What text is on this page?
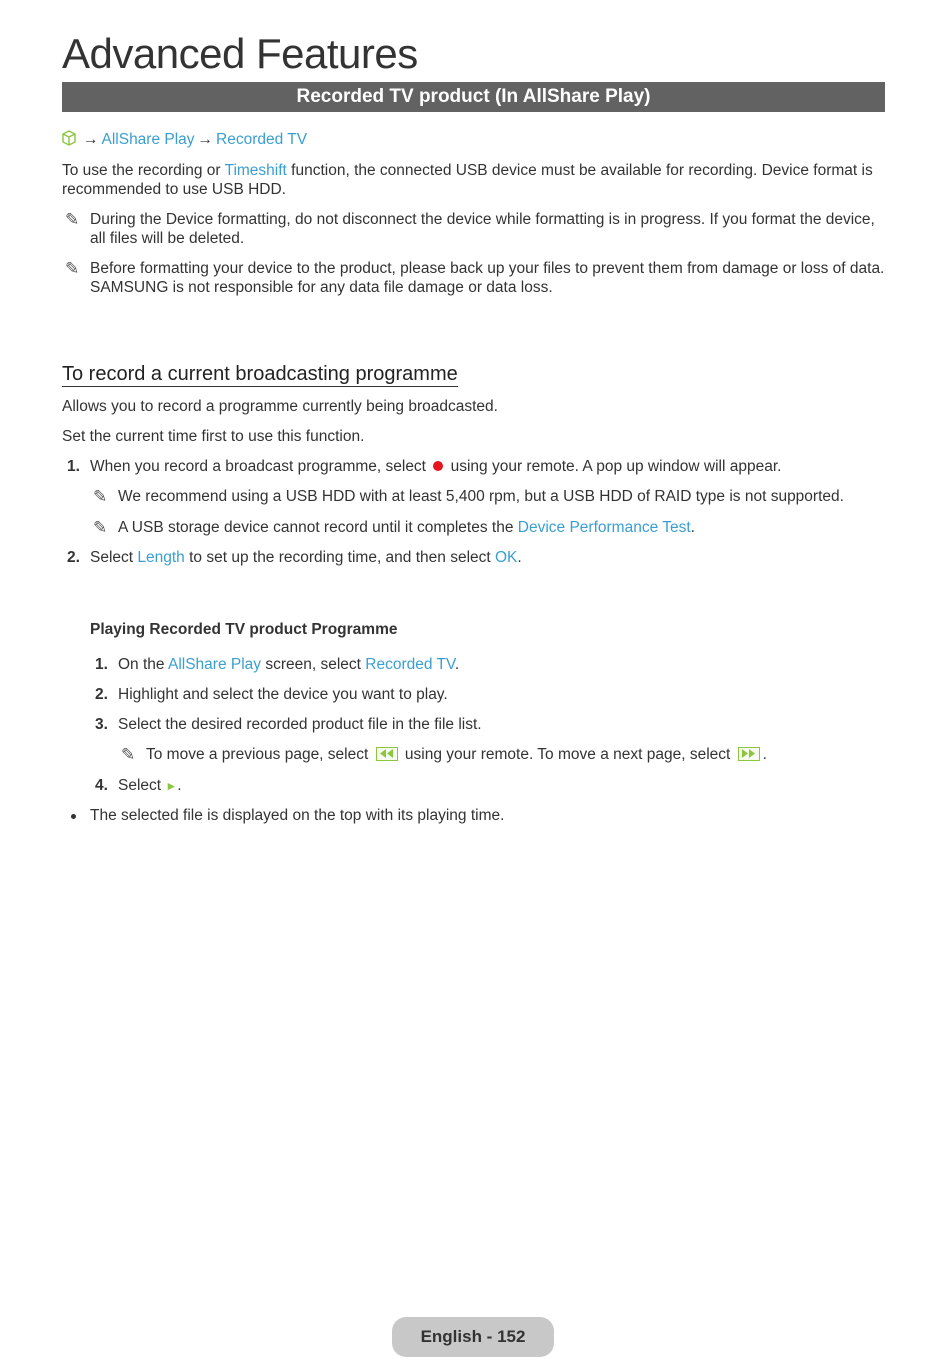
Advanced Features
Recorded TV product (In AllShare Play)
→ AllShare Play → Recorded TV

To use the recording or Timeshift function, the connected USB device must be available for recording. Device format is recommended to use USB HDD.

✎ During the Device formatting, do not disconnect the device while formatting is in progress. If you format the device, all files will be deleted.
✎ Before formatting your device to the product, please back up your files to prevent them from damage or loss of data. SAMSUNG is not responsible for any data file damage or data loss.
To record a current broadcasting programme

Allows you to record a programme currently being broadcasted.

Set the current time first to use this function.

1. When you record a broadcast programme, select  using your remote. A pop up window will appear.
✎ We recommend using a USB HDD with at least 5,400 rpm, but a USB HDD of RAID type is not supported.
✎ A USB storage device cannot record until it completes the Device Performance Test.
2. Select Length to set up the recording time, and then select OK.
Playing Recorded TV product Programme
1. On the AllShare Play screen, select Recorded TV.
2. Highlight and select the device you want to play.
3. Select the desired recorded product file in the file list.
✎ To move a previous page, select
using your remote. To move a next page, select
.
4. Select ►.
The selected file is displayed on the top with its playing time.
English - 152
